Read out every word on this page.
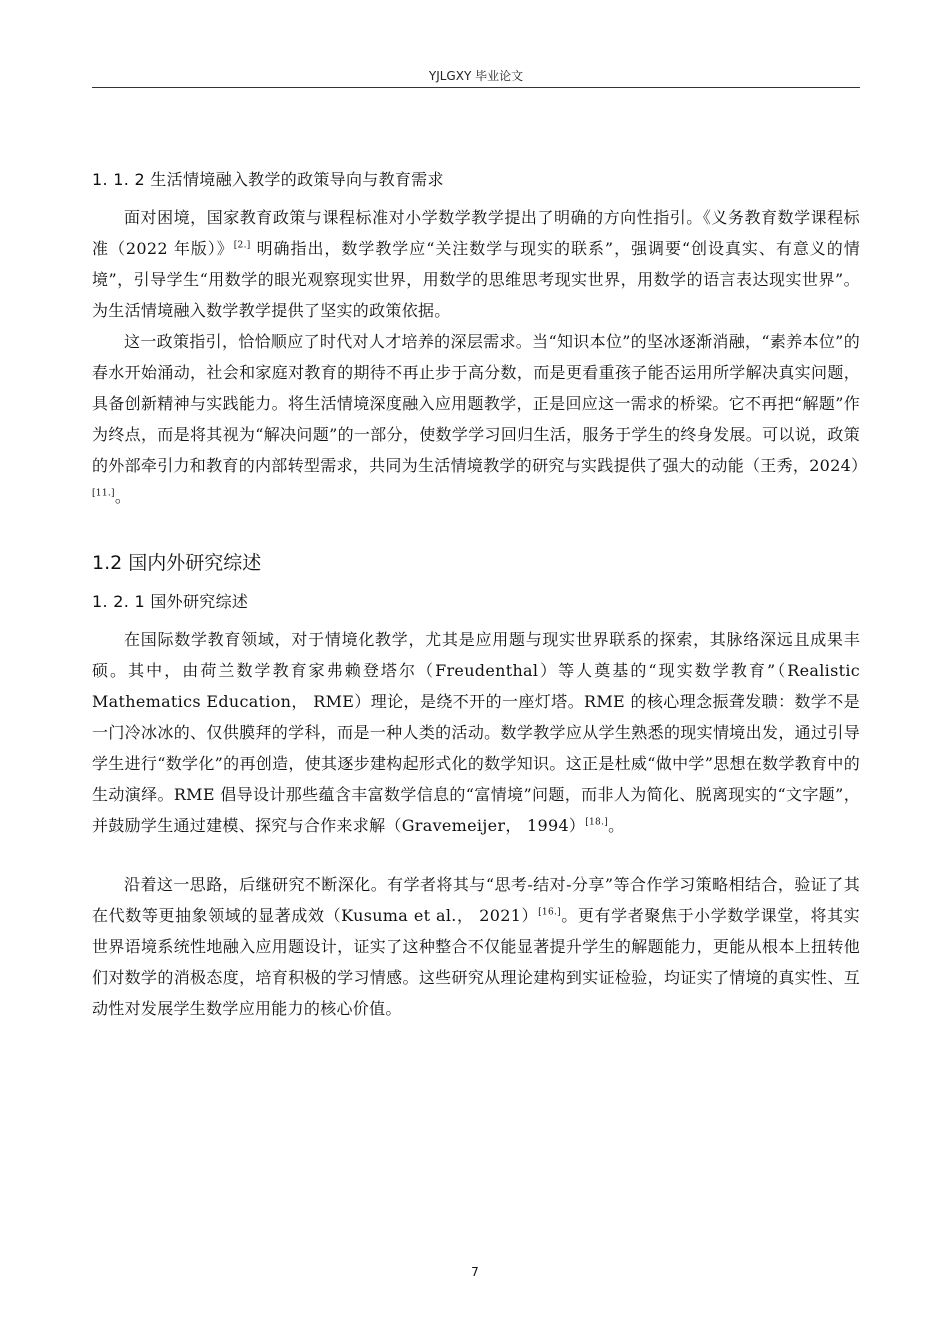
YJLGXY 毕业论文
1. 1. 2 生活情境融入教学的政策导向与教育需求

面对困境，国家教育政策与课程标准对小学数学教学提出了明确的方向性指引。《义务教育数学课程标准（2022 年版）》[2.] 明确指出，数学教学应“关注数学与现实的联系”，强调要“创设真实、有意义的情境”，引导学生“用数学的眼光观察现实世界，用数学的思维思考现实世界，用数学的语言表达现实世界”。为生活情境融入数学教学提供了坚实的政策依据。

这一政策指引，恰恰顺应了时代对人才培养的深层需求。当“知识本位”的坚冰逐渐消融，“素养本位”的春水开始涌动，社会和家庭对教育的期待不再止步于高分数，而是更看重孩子能否运用所学解决真实问题，具备创新精神与实践能力。将生活情境深度融入应用题教学，正是回应这一需求的桥梁。它不再把“解题”作为终点，而是将其视为“解决问题”的一部分，使数学学习回归生活，服务于学生的终身发展。可以说，政策的外部牵引力和教育的内部转型需求，共同为生活情境教学的研究与实践提供了强大的动能（王秀，2024）[11.]。

1.2 国内外研究综述
1. 2. 1 国外研究综述

在国际数学教育领域，对于情境化教学，尤其是应用题与现实世界联系的探索，其脉络深远且成果丰硕。其中，由荷兰数学教育家弗赖登塔尔（Freudenthal）等人奠基的“现实数学教育”（Realistic Mathematics Education， RME）理论，是绕不开的一座灯塔。RME 的核心理念振聋发聩：数学不是一门冷冰冰的、仅供膜拜的学科，而是一种人类的活动。数学教学应从学生熟悉的现实情境出发，通过引导学生进行“数学化”的再创造，使其逐步建构起形式化的数学知识。这正是杜威“做中学”思想在数学教育中的生动演绎。RME 倡导设计那些蕴含丰富数学信息的“富情境”问题，而非人为简化、脱离现实的“文字题”，并鼓励学生通过建模、探究与合作来求解（Gravemeijer， 1994）[18.]。

沿着这一思路，后继研究不断深化。有学者将其与“思考-结对-分享”等合作学习策略相结合，验证了其在代数等更抽象领域的显著成效（Kusuma et al.， 2021）[16.]。更有学者聚焦于小学数学课堂，将其实世界语境系统性地融入应用题设计，证实了这种整合不仅能显著提升学生的解题能力，更能从根本上扭转他们对数学的消极态度，培育积极的学习情感。这些研究从理论建构到实证检验，均证实了情境的真实性、互动性对发展学生数学应用能力的核心价值。

7
